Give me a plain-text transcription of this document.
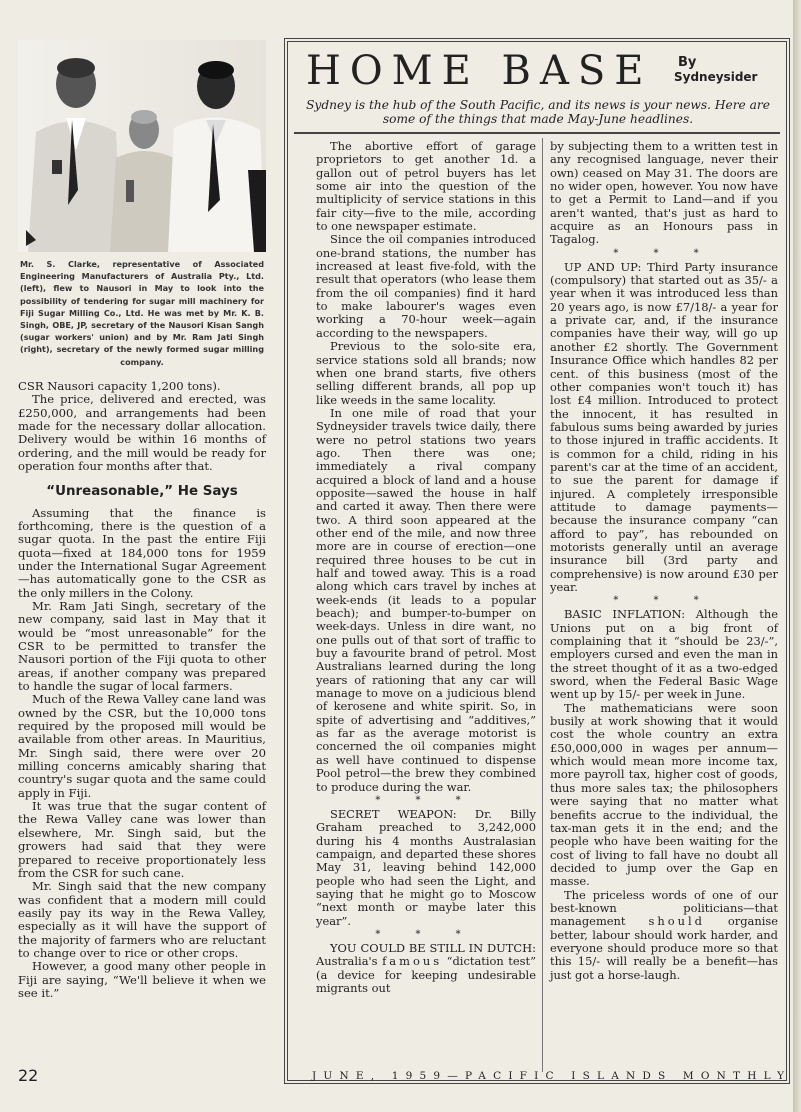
Mr. S. Clarke, representative of Associated Engineering Manufacturers of Australia Pty., Ltd. (left), flew to Nausori in May to look into the possibility of tendering for sugar mill machinery for Fiji Sugar Milling Co., Ltd. He was met by Mr. K. B. Singh, OBE, JP, secretary of the Nausori Kisan Sangh (sugar workers' union) and by Mr. Ram Jati Singh (right), secretary of the newly formed sugar milling company.

CSR Nausori capacity 1,200 tons).

The price, delivered and erected, was £250,000, and arrangements had been made for the necessary dollar allocation. Delivery would be within 16 months of ordering, and the mill would be ready for operation four months after that.

“Unreasonable,” He Says

Assuming that the finance is forthcoming, there is the question of a sugar quota. In the past the entire Fiji quota—fixed at 184,000 tons for 1959 under the International Sugar Agreement—has automatically gone to the CSR as the only millers in the Colony.

Mr. Ram Jati Singh, secretary of the new company, said last in May that it would be “most unreasonable” for the CSR to be permitted to transfer the Nausori portion of the Fiji quota to other areas, if another company was prepared to handle the sugar of local farmers.

Much of the Rewa Valley cane land was owned by the CSR, but the 10,000 tons required by the proposed mill would be available from other areas. In Mauritius, Mr. Singh said, there were over 20 milling concerns amicably sharing that country's sugar quota and the same could apply in Fiji.

It was true that the sugar content of the Rewa Valley cane was lower than elsewhere, Mr. Singh said, but the growers had said that they were prepared to receive proportionately less from the CSR for such cane.

Mr. Singh said that the new company was confident that a modern mill could easily pay its way in the Rewa Valley, especially as it will have the support of the majority of farmers who are reluctant to change over to rice or other crops.

However, a good many other people in Fiji are saying, “We'll believe it when we see it.”

HOME BASE By
Sydneysider
Sydney is the hub of the South Pacific, and its news is your news. Here are some of the things that made May-June headlines.

The abortive effort of garage proprietors to get another 1d. a gallon out of petrol buyers has let some air into the question of the multiplicity of service stations in this fair city—five to the mile, according to one newspaper estimate.

Since the oil companies introduced one-brand stations, the number has increased at least five-fold, with the result that operators (who lease them from the oil companies) find it hard to make labourer's wages even working a 70-hour week—again according to the newspapers.

Previous to the solo-site era, service stations sold all brands; now when one brand starts, five others selling different brands, all pop up like weeds in the same locality.

In one mile of road that your Sydneysider travels twice daily, there were no petrol stations two years ago. Then there was one; immediately a rival company acquired a block of land and a house opposite—sawed the house in half and carted it away. Then there were two. A third soon appeared at the other end of the mile, and now three more are in course of erection—one required three houses to be cut in half and towed away. This is a road along which cars travel by inches at week-ends (it leads to a popular beach); and bumper-to-bumper on week-days. Unless in dire want, no one pulls out of that sort of traffic to buy a favourite brand of petrol. Most Australians learned during the long years of rationing that any car will manage to move on a judicious blend of kerosene and white spirit. So, in spite of advertising and “additives,” as far as the average motorist is concerned the oil companies might as well have continued to dispense Pool petrol—the brew they combined to produce during the war.

* * *

SECRET WEAPON: Dr. Billy Graham preached to 3,242,000 during his 4 months Australasian campaign, and departed these shores May 31, leaving behind 142,000 people who had seen the Light, and saying that he might go to Moscow “next month or maybe later this year”.

* * *

YOU COULD BE STILL IN DUTCH: Australia's famous “dictation test” (a device for keeping undesirable migrants out

by subjecting them to a written test in any recognised language, never their own) ceased on May 31. The doors are no wider open, however. You now have to get a Permit to Land—and if you aren't wanted, that's just as hard to acquire as an Honours pass in Tagalog.

* * *

UP AND UP: Third Party insurance (compulsory) that started out as 35/- a year when it was introduced less than 20 years ago, is now £7/18/- a year for a private car, and, if the insurance companies have their way, will go up another £2 shortly. The Government Insurance Office which handles 82 per cent. of this business (most of the other companies won't touch it) has lost £4 million. Introduced to protect the innocent, it has resulted in fabulous sums being awarded by juries to those injured in traffic accidents. It is common for a child, riding in his parent's car at the time of an accident, to sue the parent for damage if injured. A completely irresponsible attitude to damage payments—because the insurance company “can afford to pay”, has rebounded on motorists generally until an average insurance bill (3rd party and comprehensive) is now around £30 per year.

* * *

BASIC INFLATION: Although the Unions put on a big front of complaining that it “should be 23/-”, employers cursed and even the man in the street thought of it as a two-edged sword, when the Federal Basic Wage went up by 15/- per week in June.

The mathematicians were soon busily at work showing that it would cost the whole country an extra £50,000,000 in wages per annum—which would mean more income tax, more payroll tax, higher cost of goods, thus more sales tax; the philosophers were saying that no matter what benefits accrue to the individual, the tax-man gets it in the end; and the people who have been waiting for the cost of living to fall have no doubt all decided to jump over the Gap en masse.

The priceless words of one of our best-known politicians—that management should organise better, labour should work harder, and everyone should produce more so that this 15/- will really be a benefit—has just got a horse-laugh.

22	JUNE, 1959—PACIFIC ISLANDS MONTHLY
